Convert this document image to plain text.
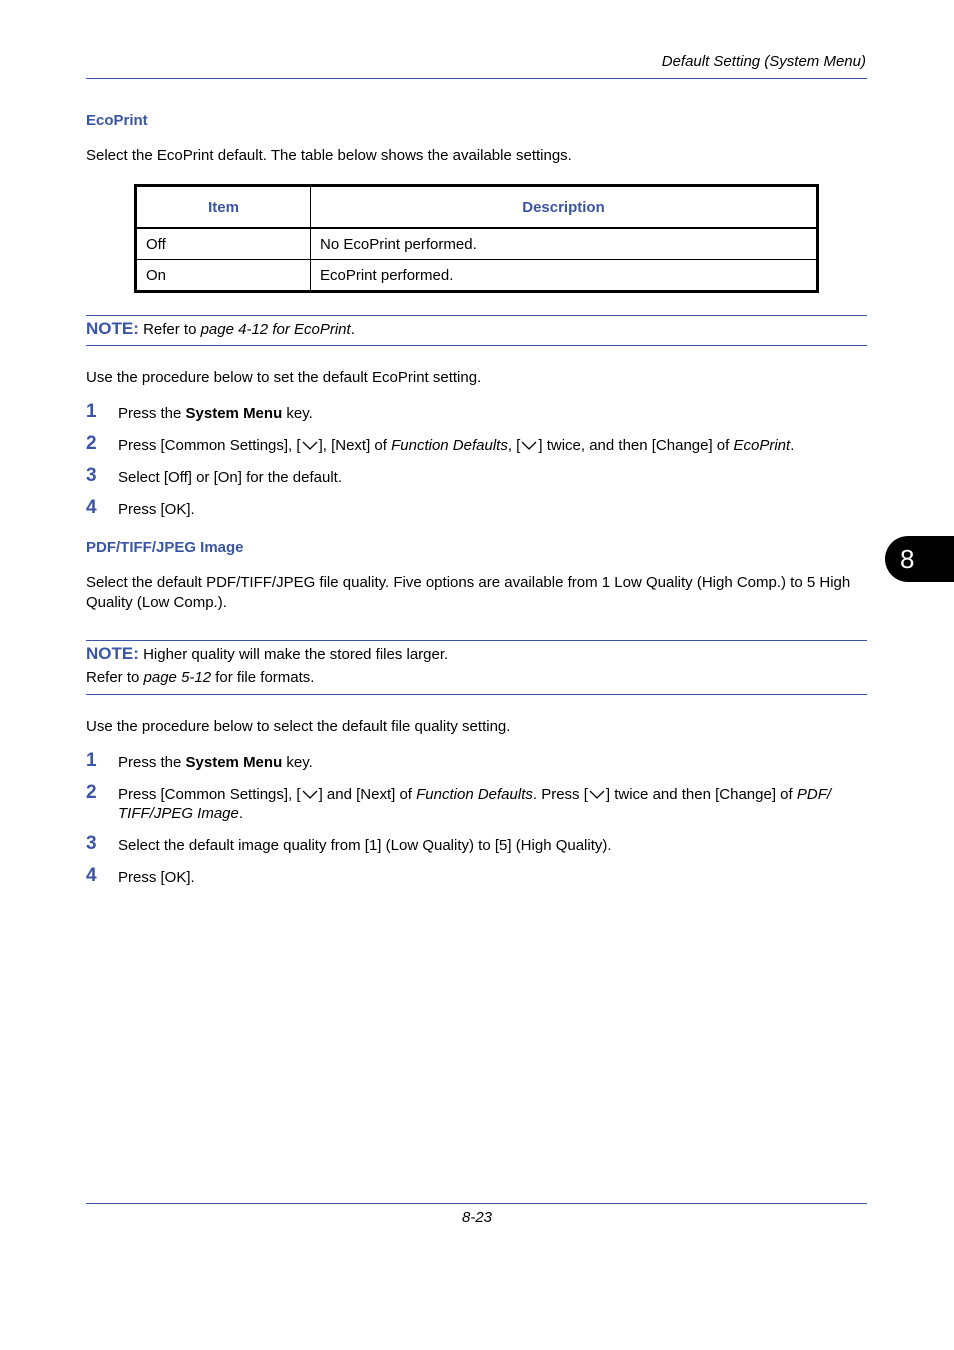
Default Setting (System Menu)
EcoPrint
Select the EcoPrint default. The table below shows the available settings.
Item	Description
Off	No EcoPrint performed.
On	EcoPrint performed.
NOTE: Refer to page 4-12 for EcoPrint.
Use the procedure below to set the default EcoPrint setting.
1 Press the System Menu key.
2 Press [Common Settings], [ ], [Next] of Function Defaults, [ ] twice, and then [Change] of EcoPrint.
3 Select [Off] or [On] for the default.
4 Press [OK].
PDF/TIFF/JPEG Image
Select the default PDF/TIFF/JPEG file quality. Five options are available from 1 Low Quality (High Comp.) to 5 High Quality (Low Comp.).
NOTE: Higher quality will make the stored files larger.
Refer to page 5-12 for file formats.
Use the procedure below to select the default file quality setting.
1 Press the System Menu key.
2 Press [Common Settings], [ ] and [Next] of Function Defaults. Press [ ] twice and then [Change] of PDF/ TIFF/JPEG Image.
3 Select the default image quality from [1] (Low Quality) to [5] (High Quality).
4 Press [OK].
8
8-23
